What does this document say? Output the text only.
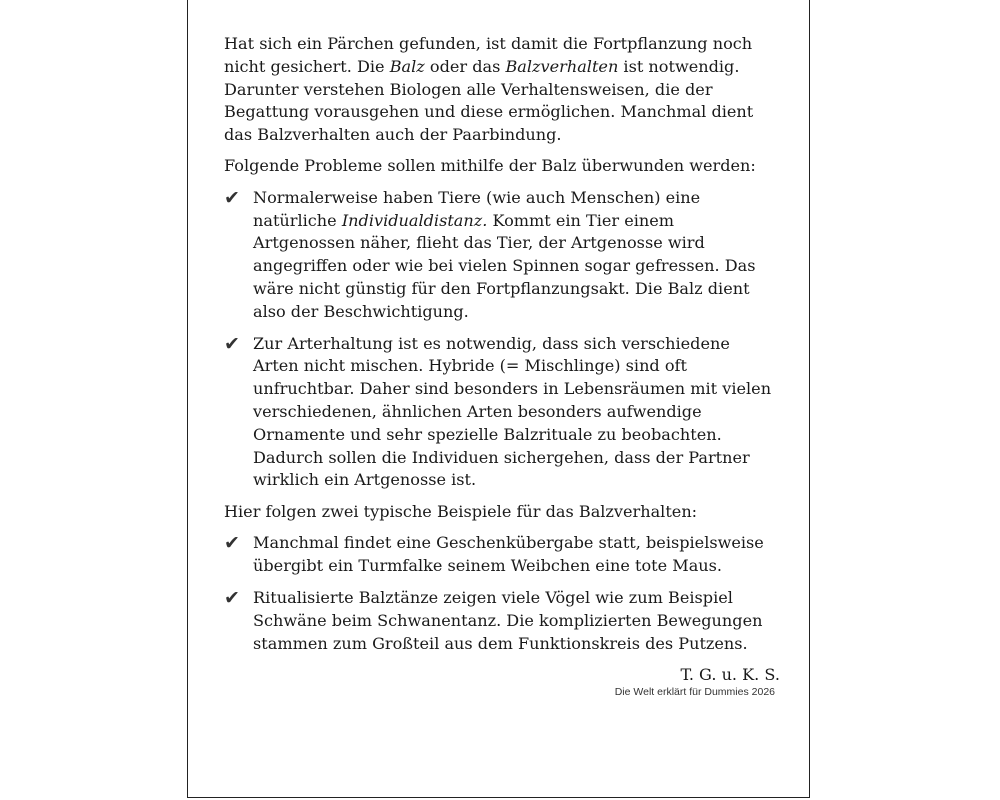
Hat sich ein Pärchen gefunden, ist damit die Fortpflanzung noch nicht gesichert. Die Balz oder das Balzverhalten ist notwendig. Darunter verstehen Biologen alle Verhaltensweisen, die der Begattung vorausgehen und diese ermöglichen. Manchmal dient das Balzverhalten auch der Paarbindung.

Folgende Probleme sollen mithilfe der Balz überwunden werden:

✔ Normalerweise haben Tiere (wie auch Menschen) eine natürliche Individualdistanz. Kommt ein Tier einem Artgenossen näher, flieht das Tier, der Artgenosse wird angegriffen oder wie bei vielen Spinnen sogar gefressen. Das wäre nicht günstig für den Fortpflanzungsakt. Die Balz dient also der Beschwichtigung.
✔ Zur Arterhaltung ist es notwendig, dass sich verschiedene Arten nicht mischen. Hybride (= Mischlinge) sind oft unfruchtbar. Daher sind besonders in Lebensräumen mit vielen verschiedenen, ähnlichen Arten besonders aufwendige Ornamente und sehr spezielle Balzrituale zu beobachten. Dadurch sollen die Individuen sichergehen, dass der Partner wirklich ein Artgenosse ist.

Hier folgen zwei typische Beispiele für das Balzverhalten:

✔ Manchmal findet eine Geschenkübergabe statt, beispielsweise übergibt ein Turmfalke seinem Weibchen eine tote Maus.
✔ Ritualisierte Balztänze zeigen viele Vögel wie zum Beispiel Schwäne beim Schwanentanz. Die komplizierten Bewegungen stammen zum Großteil aus dem Funktionskreis des Putzens.
T. G. u. K. S.
Die Welt erklärt für Dummies 2026
